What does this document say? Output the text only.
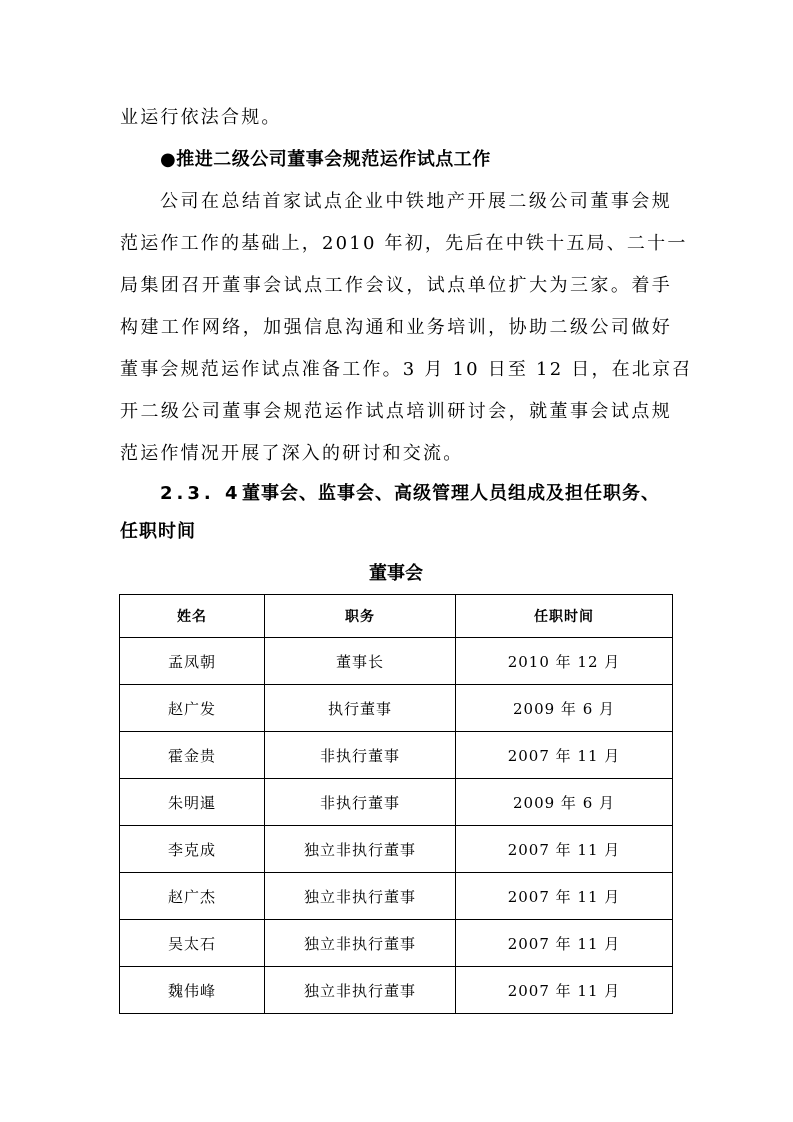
业运行依法合规。
●推进二级公司董事会规范运作试点工作
公司在总结首家试点企业中铁地产开展二级公司董事会规
范运作工作的基础上，2010 年初，先后在中铁十五局、二十一
局集团召开董事会试点工作会议，试点单位扩大为三家。着手
构建工作网络，加强信息沟通和业务培训，协助二级公司做好
董事会规范运作试点准备工作。3 月 10 日至 12 日，在北京召
开二级公司董事会规范运作试点培训研讨会，就董事会试点规
范运作情况开展了深入的研讨和交流。
2.3. 4董事会、监事会、高级管理人员组成及担任职务、
任职时间
董事会
姓名	职务	任职时间
孟凤朝	董事长	2010 年 12 月
赵广发	执行董事	2009 年 6 月
霍金贵	非执行董事	2007 年 11 月
朱明暹	非执行董事	2009 年 6 月
李克成	独立非执行董事	2007 年 11 月
赵广杰	独立非执行董事	2007 年 11 月
吴太石	独立非执行董事	2007 年 11 月
魏伟峰	独立非执行董事	2007 年 11 月
